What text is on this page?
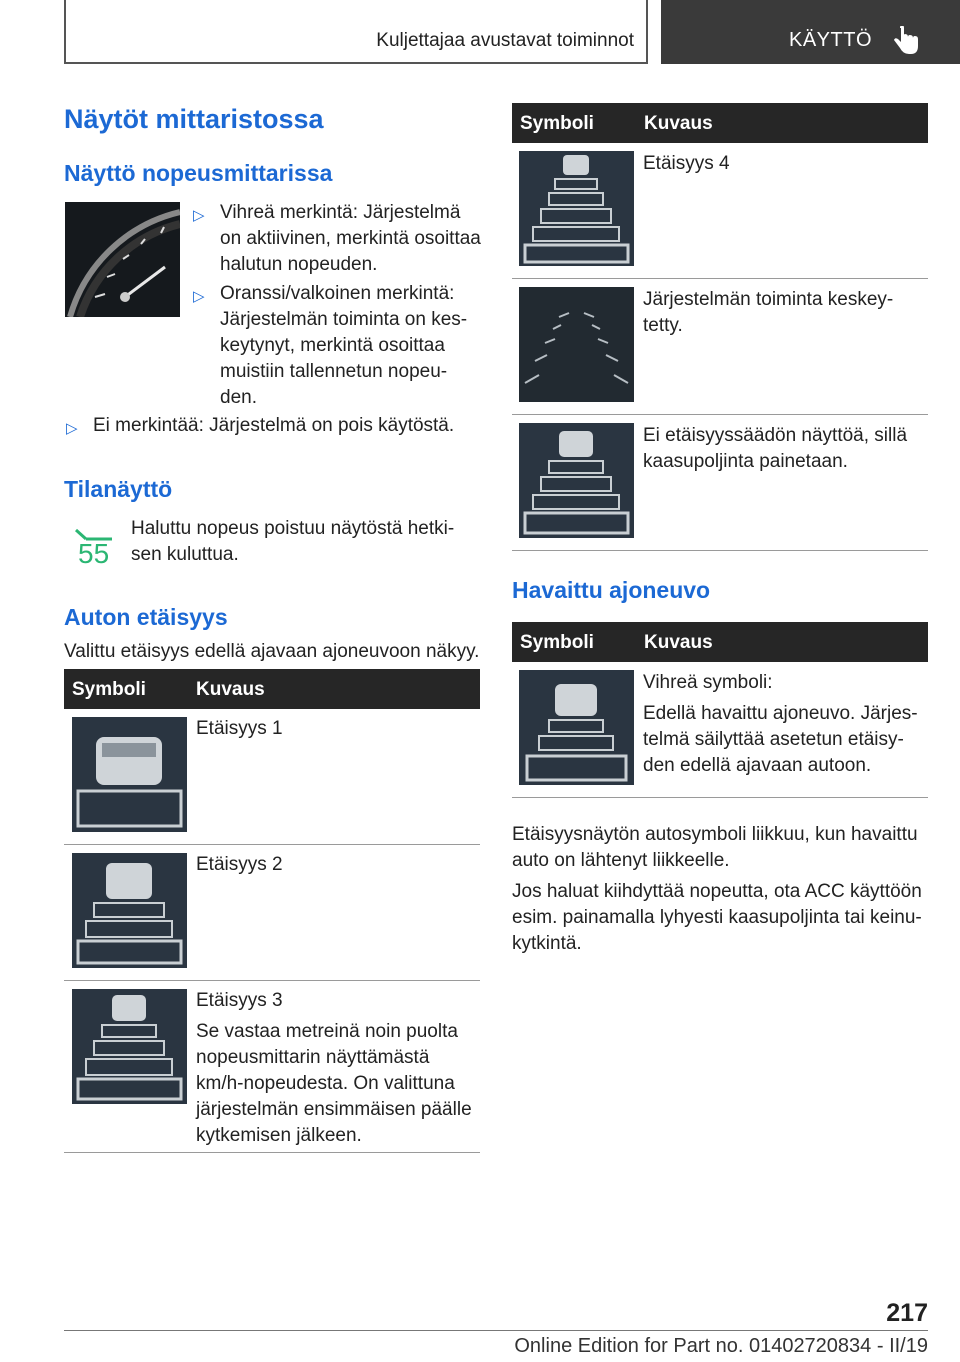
Kuljettajaa avustavat toiminnot	KÄYTTÖ
Näytöt mittaristossa
Näyttö nopeusmittarissa
▷ Vihreä merkintä: Järjestelmä on aktiivinen, merkintä osoittaa halutun nopeuden.
▷ Oranssi/valkoinen merkintä: Järjestelmän toiminta on kes-keytynyt, merkintä osoittaa muistiin tallennetun nopeu-den.
▷ Ei merkintää: Järjestelmä on pois käytöstä.
Tilanäyttö
55
Haluttu nopeus poistuu näytöstä hetki-sen kuluttua.
Auton etäisyys
Valittu etäisyys edellä ajavaan ajoneuvoon näkyy.
Symboli	Kuvaus
Etäisyys 1
Etäisyys 2
Etäisyys 3
Se vastaa metreinä noin puolta nopeusmittarin näyttämästä km/h-nopeudesta. On valittuna järjestelmän ensimmäisen päälle kytkemisen jälkeen.
Symboli	Kuvaus
Etäisyys 4
Järjestelmän toiminta keskey-tetty.
Ei etäisyyssäädön näyttöä, sillä kaasupoljinta painetaan.
Havaittu ajoneuvo
Symboli	Kuvaus
Vihreä symboli:
Edellä havaittu ajoneuvo. Järjes-telmä säilyttää asetetun etäisy-den edellä ajavaan autoon.
Etäisyysnäytön autosymboli liikkuu, kun havaittu auto on lähtenyt liikkeelle.
Jos haluat kiihdyttää nopeutta, ota ACC käyttöön esim. painamalla lyhyesti kaasupoljinta tai keinu-kytkintä.
217
Online Edition for Part no. 01402720834 - II/19
